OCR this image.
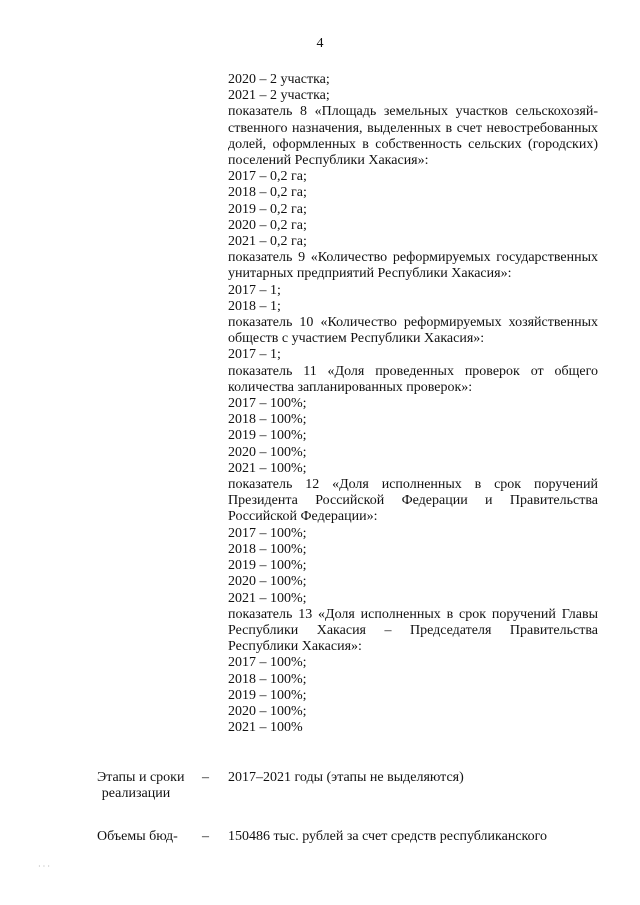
4
2020 – 2 участка;
2021 – 2 участка;
показатель 8 «Площадь земельных участков сельскохозяй-
ственного назначения, выделенных в счет невостребованных
долей, оформленных в собственность сельских (городских)
поселений Республики Хакасия»:
2017 – 0,2 га;
2018 – 0,2 га;
2019 – 0,2 га;
2020 – 0,2 га;
2021 – 0,2 га;
показатель 9 «Количество реформируемых государственных
унитарных предприятий Республики Хакасия»:
2017 – 1;
2018 – 1;
показатель 10 «Количество реформируемых хозяйственных
обществ с участием Республики Хакасия»:
2017 – 1;
показатель 11 «Доля проведенных проверок от общего
количества запланированных проверок»:
2017 – 100%;
2018 – 100%;
2019 – 100%;
2020 – 100%;
2021 – 100%;
показатель 12 «Доля исполненных в срок поручений
Президента Российской Федерации и Правительства
Российской Федерации»:
2017 – 100%;
2018 – 100%;
2019 – 100%;
2020 – 100%;
2021 – 100%;
показатель 13 «Доля исполненных в срок поручений Главы
Республики Хакасия – Председателя Правительства
Республики Хакасия»:
2017 – 100%;
2018 – 100%;
2019 – 100%;
2020 – 100%;
2021 – 100%
Этапы и сроки
реализации
– 2017–2021 годы (этапы не выделяются)
Объемы бюд- – 150486 тыс. рублей за счет средств республиканского
· · ·
